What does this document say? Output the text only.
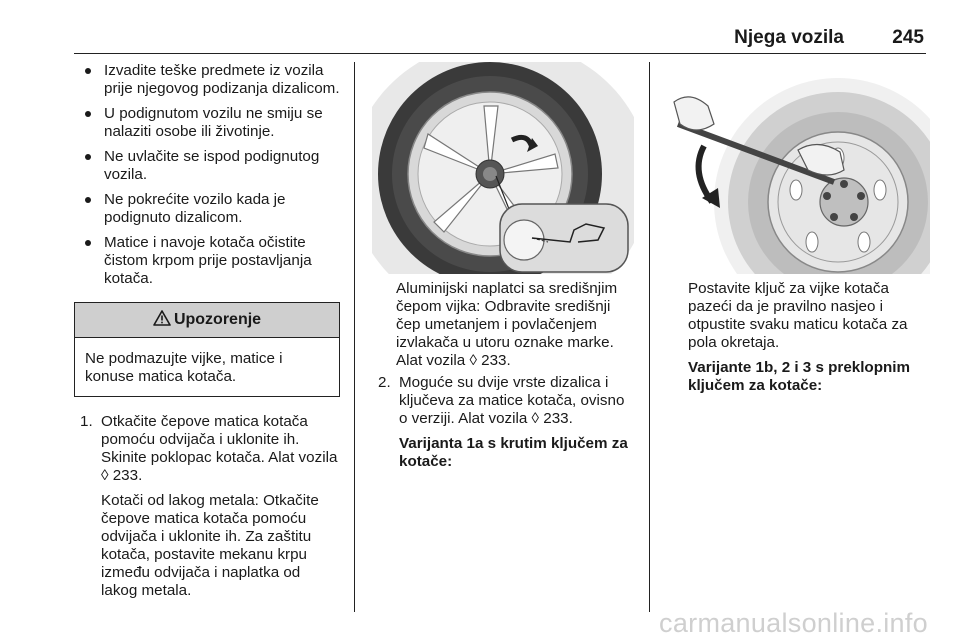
Njega vozila	245
Izvadite teške predmete iz vozila prije njegovog podizanja dizalicom.
U podignutom vozilu ne smiju se nalaziti osobe ili životinje.
Ne uvlačite se ispod podignutog vozila.
Ne pokrećite vozilo kada je podignuto dizalicom.
Matice i navoje kotača očistite čistom krpom prije postavljanja kotača.
Upozorenje
Ne podmazujte vijke, matice i konuse matica kotača.
1. Otkačite čepove matica kotača pomoću odvijača i uklonite ih. Skinite poklopac kotača. Alat vozila ◊ 233.

Kotači od lakog metala: Otkačite čepove matica kotača pomoću odvijača i uklonite ih. Za zaštitu kotača, postavite mekanu krpu između odvijača i naplatka od lakog metala.

Aluminijski naplatci sa središnjim čepom vijka: Odbravite središnji čep umetanjem i povlačenjem izvlakača u utoru oznake marke. Alat vozila ◊ 233.

2. Moguće su dvije vrste dizalica i ključeva za matice kotača, ovisno o verziji. Alat vozila ◊ 233.

Varijanta 1a s krutim ključem za kotače:

Postavite ključ za vijke kotača pazeći da je pravilno nasjeo i otpustite svaku maticu kotača za pola okretaja.

Varijante 1b, 2 i 3 s preklopnim ključem za kotače:

carmanualsonline.info
